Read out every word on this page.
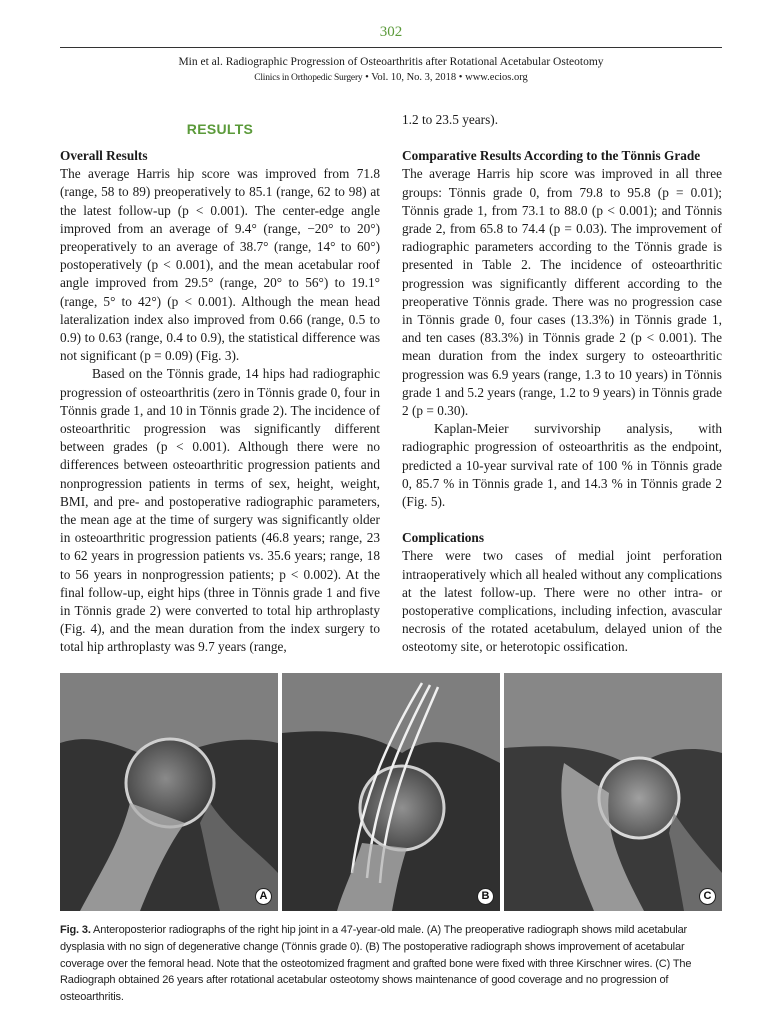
302
Min et al. Radiographic Progression of Osteoarthritis after Rotational Acetabular Osteotomy
Clinics in Orthopedic Surgery • Vol. 10, No. 3, 2018 • www.ecios.org
RESULTS
Overall Results

The average Harris hip score was improved from 71.8 (range, 58 to 89) preoperatively to 85.1 (range, 62 to 98) at the latest follow-up (p < 0.001). The center-edge angle improved from an average of 9.4° (range, −20° to 20°) preoperatively to an average of 38.7° (range, 14° to 60°) postoperatively (p < 0.001), and the mean acetabular roof angle improved from 29.5° (range, 20° to 56°) to 19.1° (range, 5° to 42°) (p < 0.001). Although the mean head lateralization index also improved from 0.66 (range, 0.5 to 0.9) to 0.63 (range, 0.4 to 0.9), the statistical difference was not significant (p = 0.09) (Fig. 3).

Based on the Tönnis grade, 14 hips had radiographic progression of osteoarthritis (zero in Tönnis grade 0, four in Tönnis grade 1, and 10 in Tönnis grade 2). The incidence of osteoarthritic progression was significantly different between grades (p < 0.001). Although there were no differences between osteoarthritic progression patients and nonprogression patients in terms of sex, height, weight, BMI, and pre- and postoperative radiographic parameters, the mean age at the time of surgery was significantly older in osteoarthritic progression patients (46.8 years; range, 23 to 62 years in progression patients vs. 35.6 years; range, 18 to 56 years in nonprogression patients; p < 0.002). At the final follow-up, eight hips (three in Tönnis grade 1 and five in Tönnis grade 2) were converted to total hip arthroplasty (Fig. 4), and the mean duration from the index surgery to total hip arthroplasty was 9.7 years (range,

1.2 to 23.5 years).

Comparative Results According to the Tönnis Grade

The average Harris hip score was improved in all three groups: Tönnis grade 0, from 79.8 to 95.8 (p = 0.01); Tönnis grade 1, from 73.1 to 88.0 (p < 0.001); and Tönnis grade 2, from 65.8 to 74.4 (p = 0.03). The improvement of radiographic parameters according to the Tönnis grade is presented in Table 2. The incidence of osteoarthritic progression was significantly different according to the preoperative Tönnis grade. There was no progression case in Tönnis grade 0, four cases (13.3%) in Tönnis grade 1, and ten cases (83.3%) in Tönnis grade 2 (p < 0.001). The mean duration from the index surgery to osteoarthritic progression was 6.9 years (range, 1.3 to 10 years) in Tönnis grade 1 and 5.2 years (range, 1.2 to 9 years) in Tönnis grade 2 (p = 0.30).

Kaplan-Meier survivorship analysis, with radiographic progression of osteoarthritis as the endpoint, predicted a 10-year survival rate of 100 % in Tönnis grade 0, 85.7 % in Tönnis grade 1, and 14.3 % in Tönnis grade 2 (Fig. 5).

Complications

There were two cases of medial joint perforation intraoperatively which all healed without any complications at the latest follow-up. There were no other intra- or postoperative complications, including infection, avascular necrosis of the rotated acetabulum, delayed union of the osteotomy site, or heterotopic ossification.

A	B	C
Fig. 3. Anteroposterior radiographs of the right hip joint in a 47-year-old male. (A) The preoperative radiograph shows mild acetabular dysplasia with no sign of degenerative change (Tönnis grade 0). (B) The postoperative radiograph shows improvement of acetabular coverage over the femoral head. Note that the osteotomized fragment and grafted bone were fixed with three Kirschner wires. (C) The Radiograph obtained 26 years after rotational acetabular osteotomy shows maintenance of good coverage and no progression of osteoarthritis.
